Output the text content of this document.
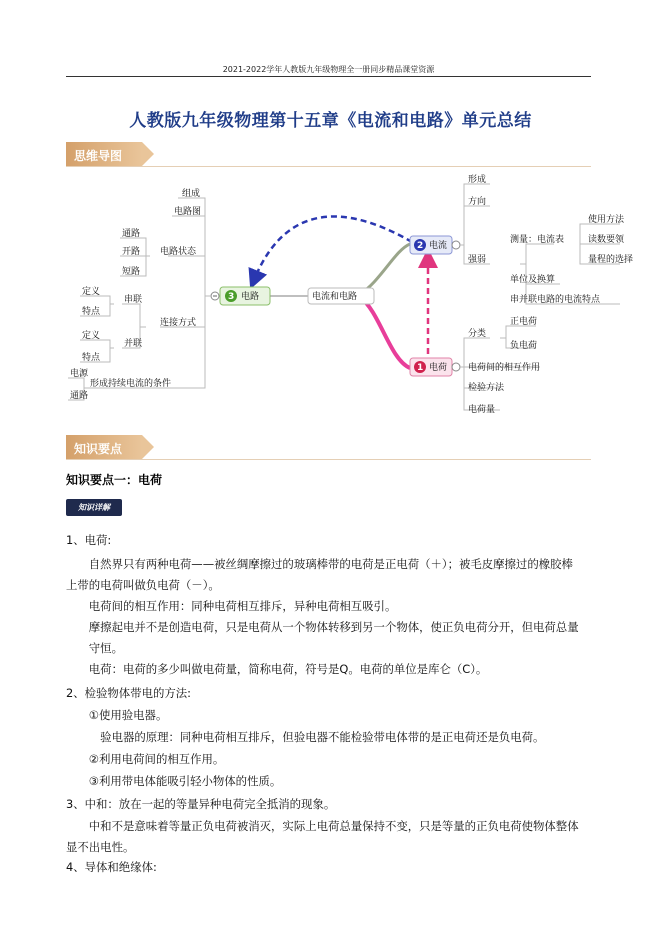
2021-2022学年人教版九年级物理全一册同步精品课堂资源
人教版九年级物理第十五章《电流和电路》单元总结
思维导图
电流和电路
3 电路
组成
电路图
电路状态
通路
开路
短路
连接方式
串联
并联
定义
特点
定义
特点
形成持续电流的条件
电源
通路
2 电流
形成
方向
强弱
测量：电流表
使用方法
读数要领
量程的选择
单位及换算
串并联电路的电流特点
1 电荷
分类
正电荷
负电荷
电荷间的相互作用
检验方法
电荷量
知识要点
知识要点一：电荷
知识详解
1、电荷:
　　自然界只有两种电荷——被丝绸摩擦过的玻璃棒带的电荷是正电荷（＋）；被毛皮摩擦过的橡胶棒
上带的电荷叫做负电荷（－）。
　　电荷间的相互作用：同种电荷相互排斥，异种电荷相互吸引。
　　摩擦起电并不是创造电荷，只是电荷从一个物体转移到另一个物体，使正负电荷分开，但电荷总量
　　守恒。
　　电荷：电荷的多少叫做电荷量，简称电荷，符号是Q。电荷的单位是库仑（C）。
2、检验物体带电的方法:
　　①使用验电器。
　　　验电器的原理：同种电荷相互排斥，但验电器不能检验带电体带的是正电荷还是负电荷。
　　②利用电荷间的相互作用。
　　③利用带电体能吸引轻小物体的性质。
3、中和：放在一起的等量异种电荷完全抵消的现象。
　　中和不是意味着等量正负电荷被消灭，实际上电荷总量保持不变，只是等量的正负电荷使物体整体
显不出电性。
4、导体和绝缘体:
